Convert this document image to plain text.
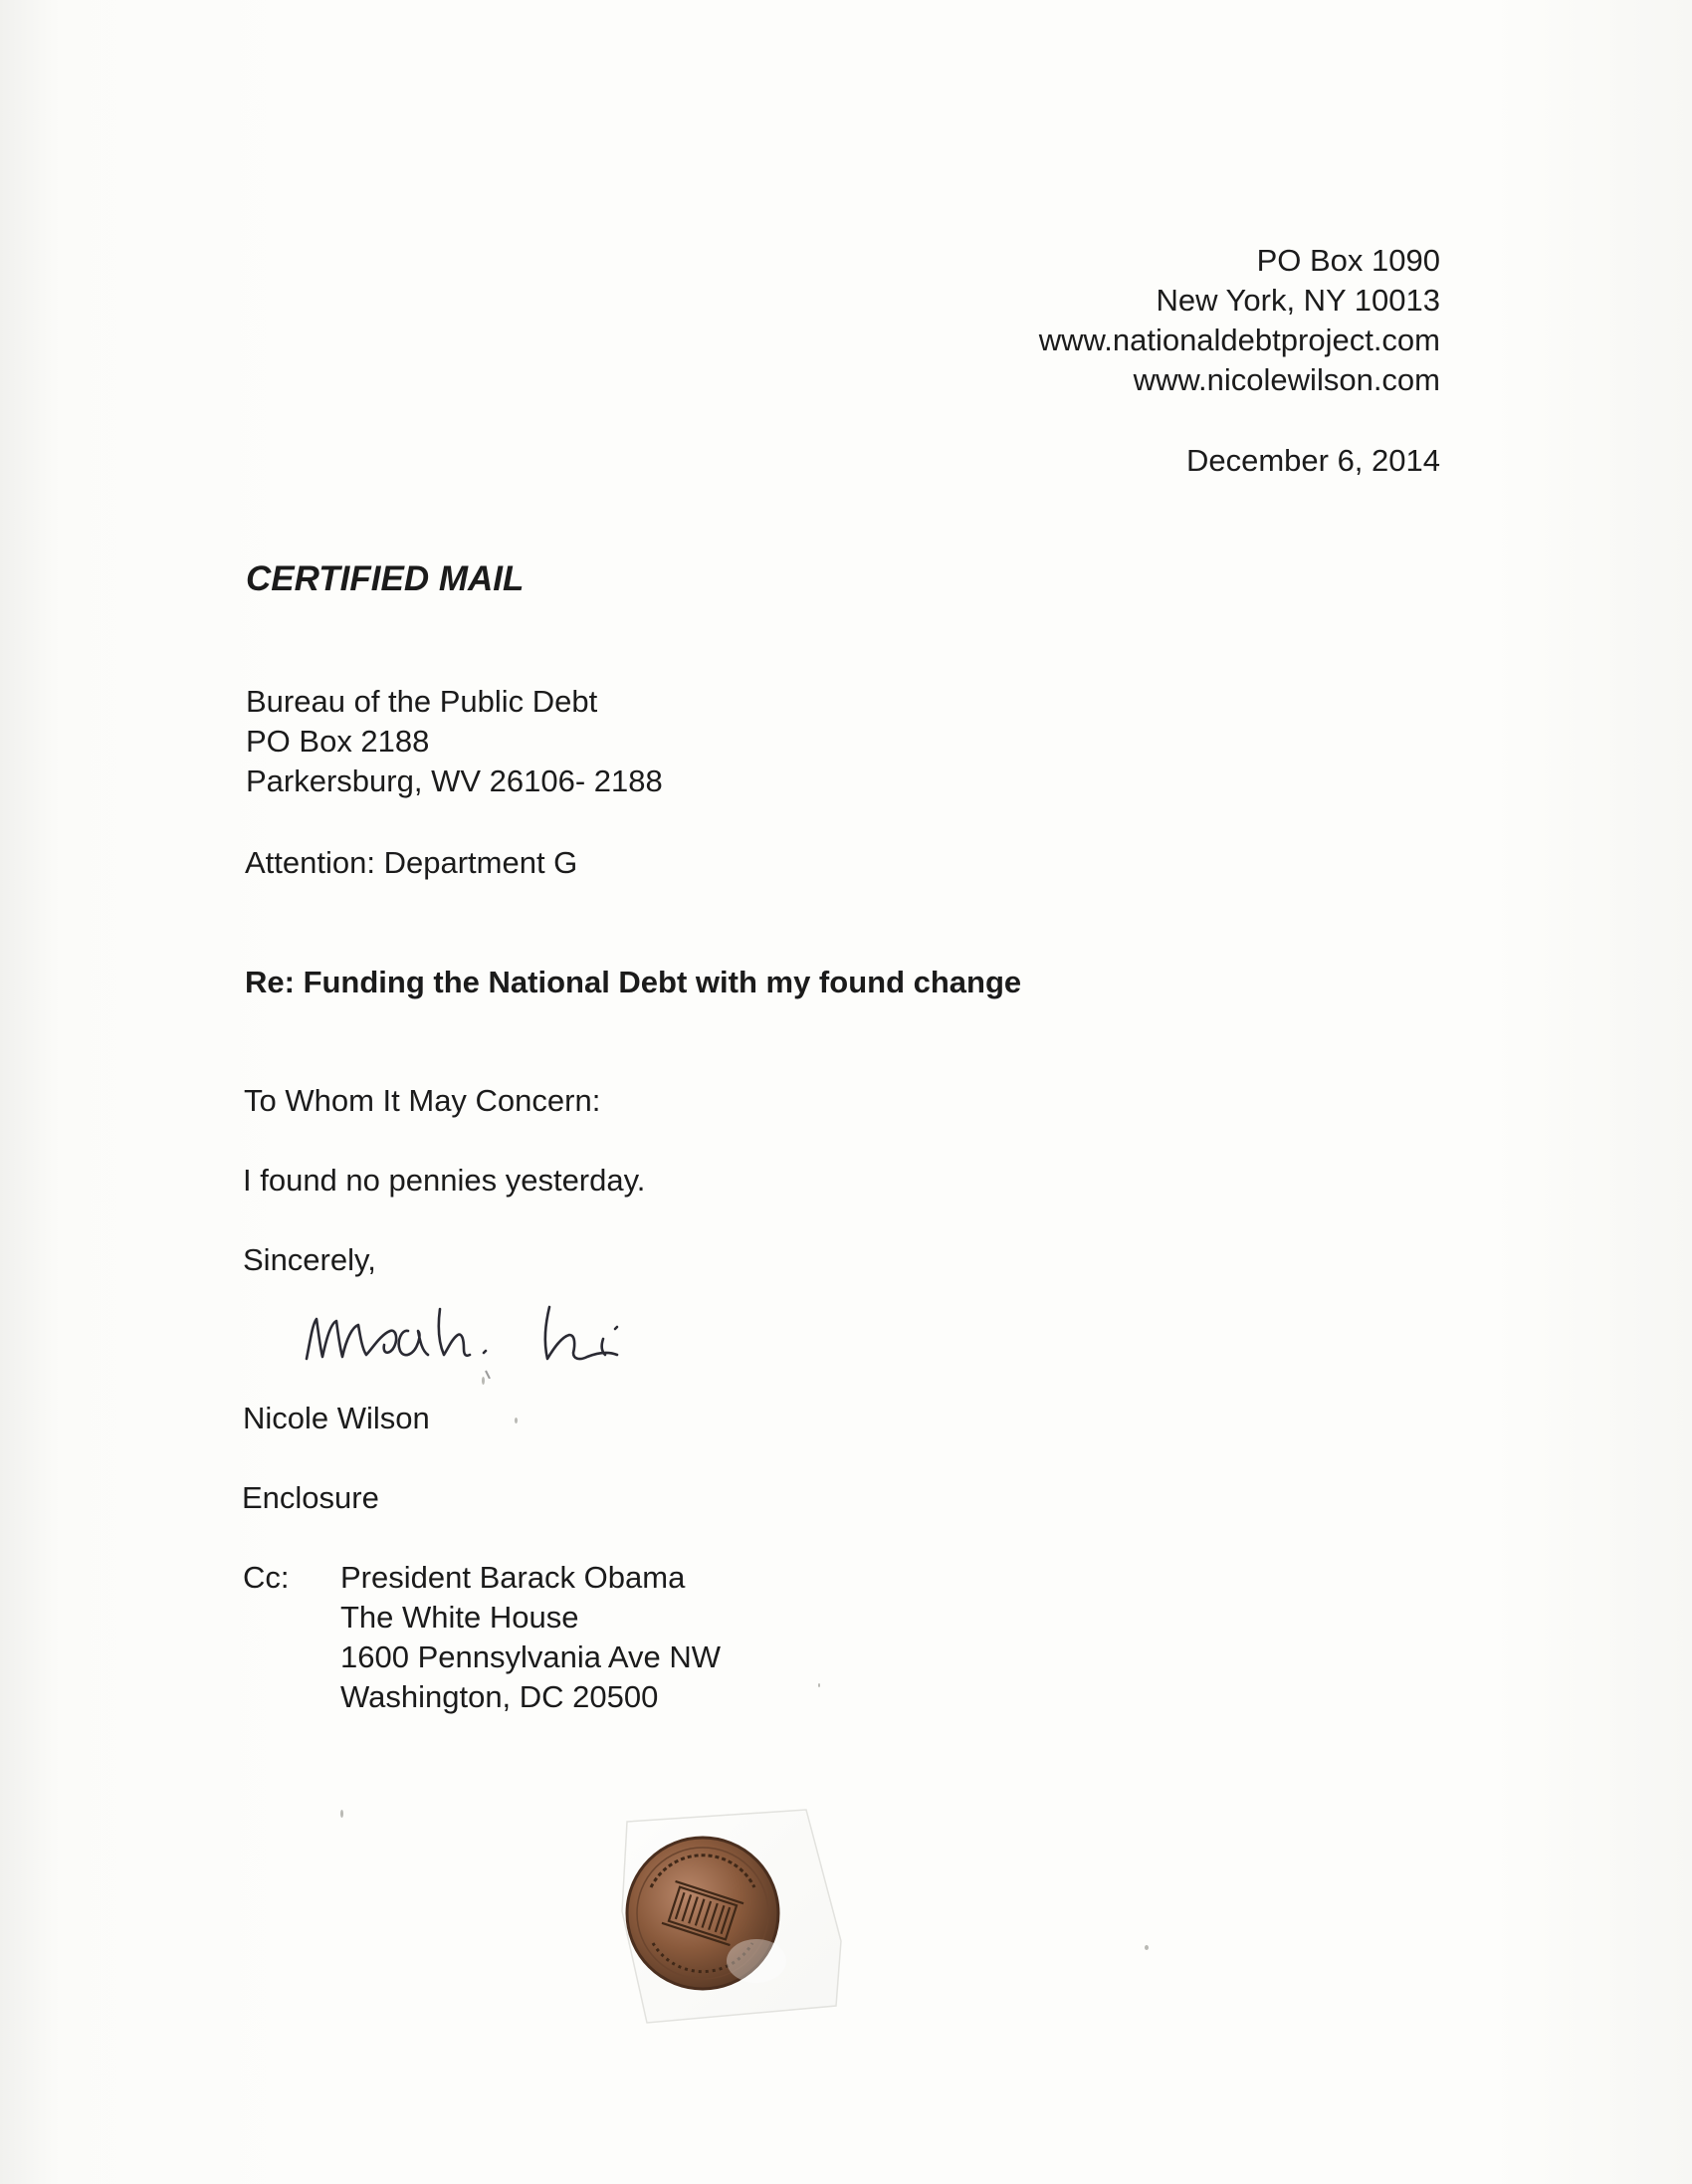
PO Box 1090

New York, NY 10013

www.nationaldebtproject.com

www.nicolewilson.com

December 6, 2014

CERTIFIED MAIL

Bureau of the Public Debt

PO Box 2188

Parkersburg, WV 26106- 2188

Attention: Department G

Re: Funding the National Debt with my found change

To Whom It May Concern:

I found no pennies yesterday.

Sincerely,

Nicole Wilson

Enclosure

Cc: President Barack Obama

The White House

1600 Pennsylvania Ave NW

Washington, DC 20500
